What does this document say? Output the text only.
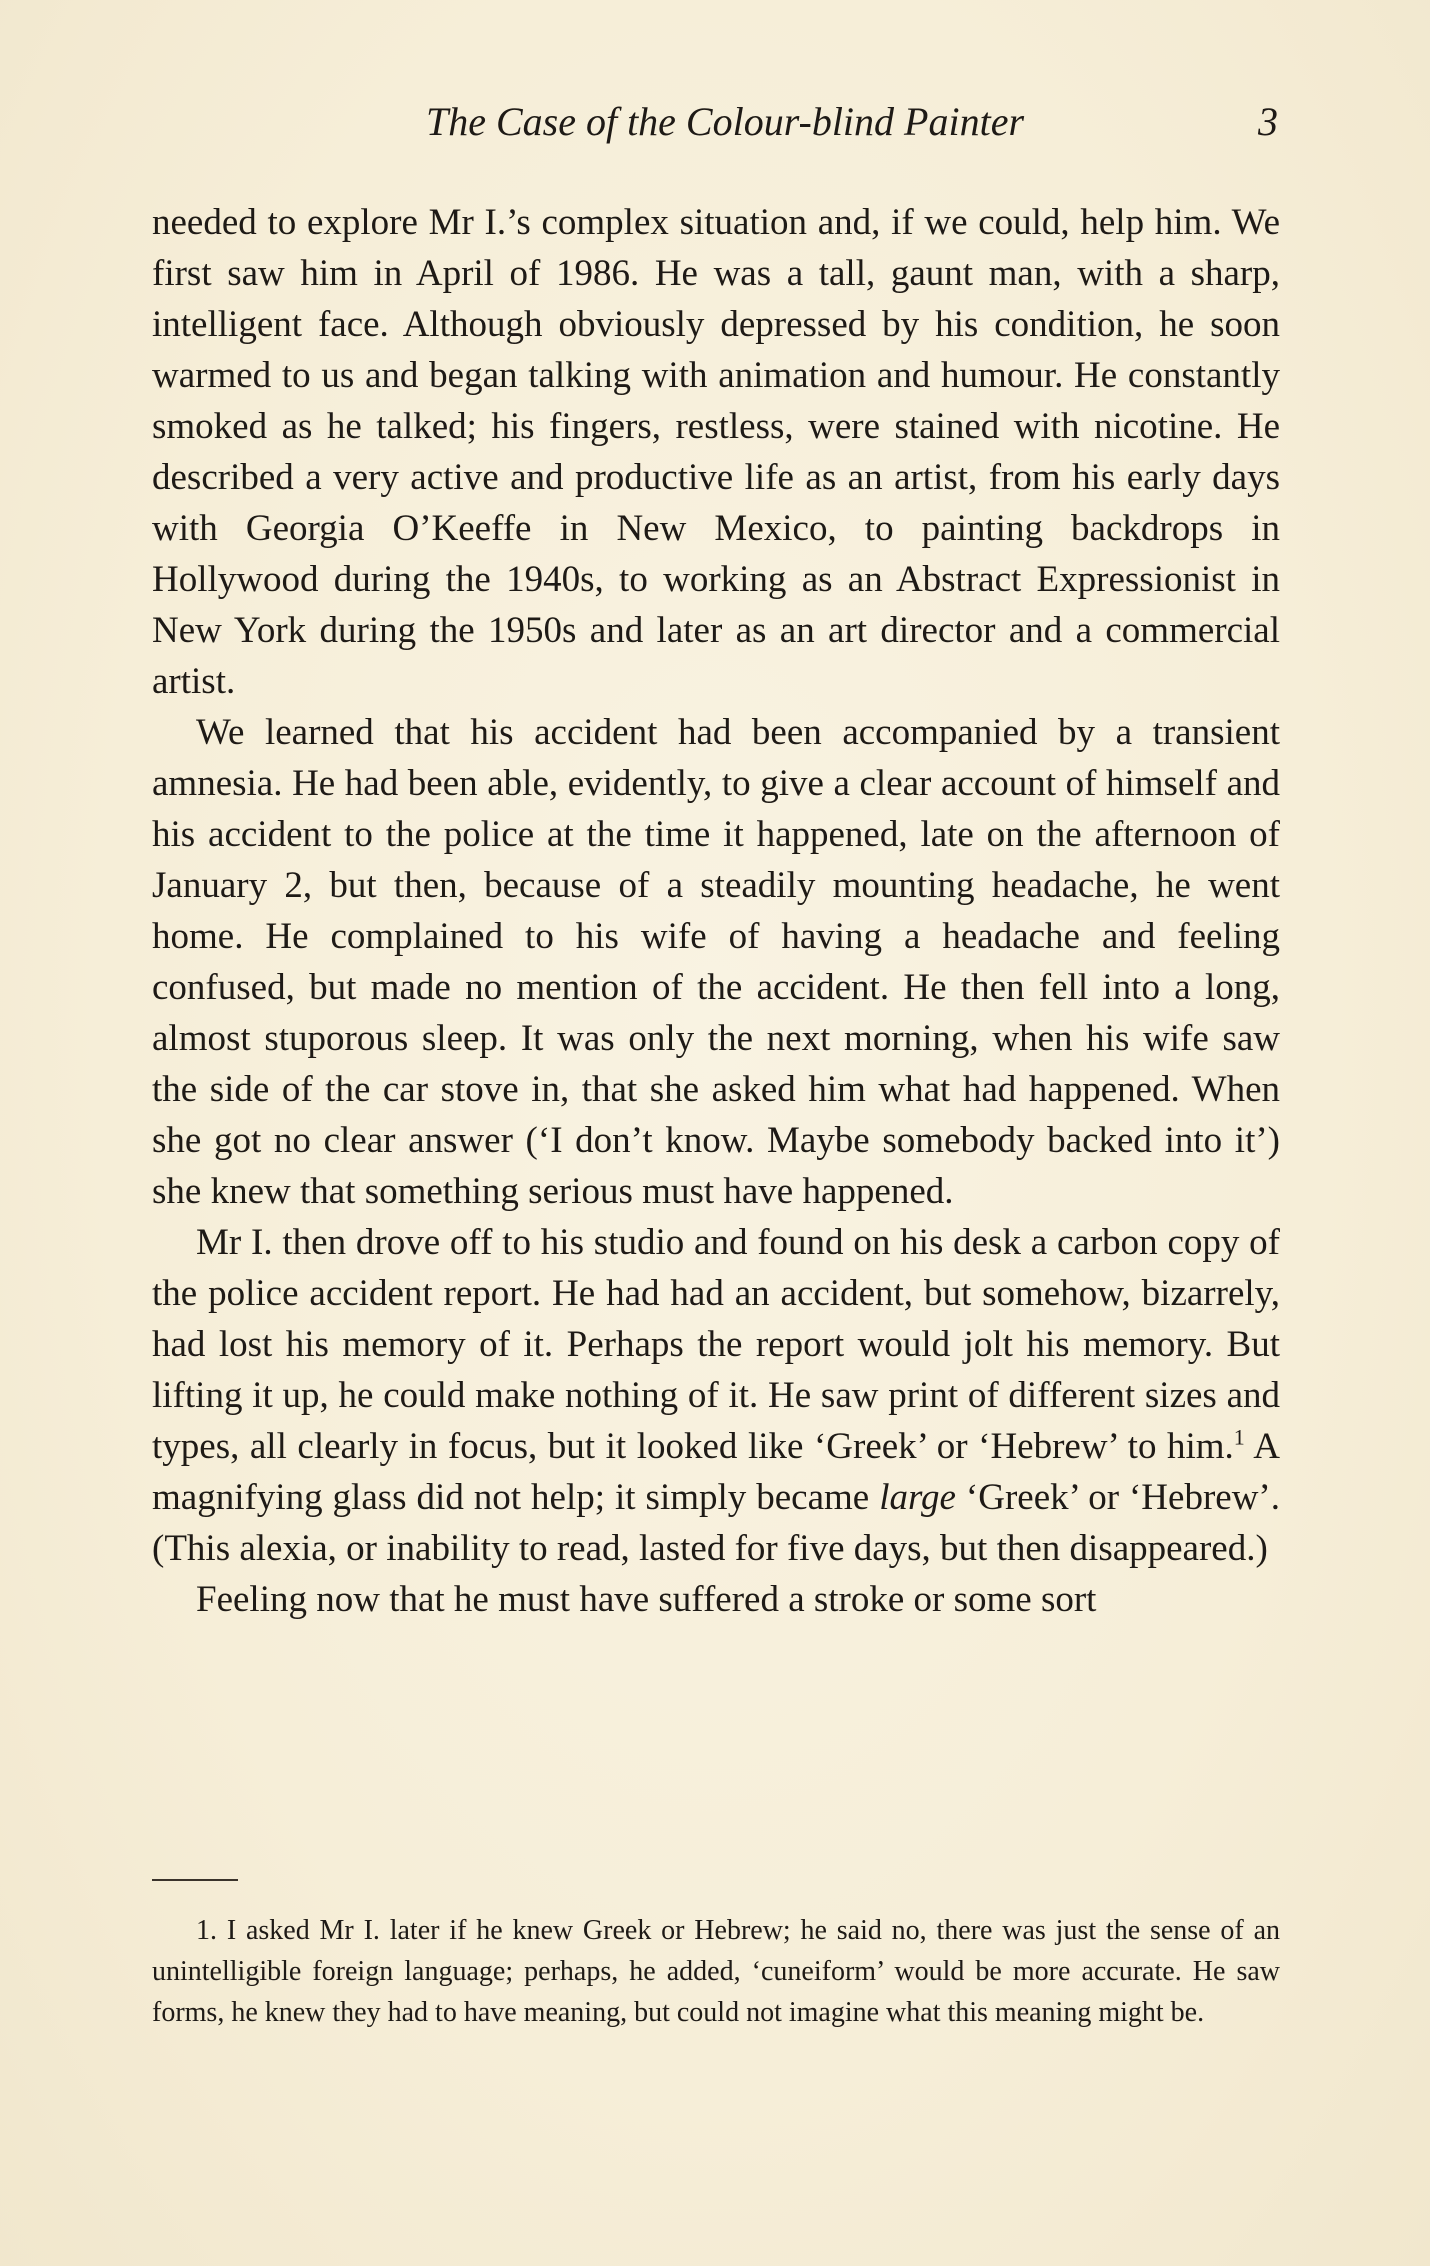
The Case of the Colour-blind Painter	3

needed to explore Mr I.’s complex situation and, if we could, help him. We first saw him in April of 1986. He was a tall, gaunt man, with a sharp, intelligent face. Although obviously depressed by his condition, he soon warmed to us and began talking with animation and humour. He constantly smoked as he talked; his fingers, restless, were stained with nicotine. He described a very active and productive life as an artist, from his early days with Georgia O’Keeffe in New Mexico, to painting backdrops in Hollywood during the 1940s, to working as an Abstract Expressionist in New York during the 1950s and later as an art director and a commercial artist.

We learned that his accident had been accompanied by a transient amnesia. He had been able, evidently, to give a clear account of himself and his accident to the police at the time it happened, late on the afternoon of January 2, but then, because of a steadily mounting headache, he went home. He complained to his wife of having a headache and feeling confused, but made no mention of the accident. He then fell into a long, almost stuporous sleep. It was only the next morning, when his wife saw the side of the car stove in, that she asked him what had happened. When she got no clear answer (‘I don’t know. Maybe somebody backed into it’) she knew that something serious must have happened.

Mr I. then drove off to his studio and found on his desk a carbon copy of the police accident report. He had had an accident, but somehow, bizarrely, had lost his memory of it. Perhaps the report would jolt his memory. But lifting it up, he could make nothing of it. He saw print of different sizes and types, all clearly in focus, but it looked like ‘Greek’ or ‘Hebrew’ to him.$^1$ A magnifying glass did not help; it simply became large ‘Greek’ or ‘Hebrew’. (This alexia, or inability to read, lasted for five days, but then disappeared.)

Feeling now that he must have suffered a stroke or some sort

1. I asked Mr I. later if he knew Greek or Hebrew; he said no, there was just the sense of an unintelligible foreign language; perhaps, he added, ‘cuneiform’ would be more accurate. He saw forms, he knew they had to have meaning, but could not imagine what this meaning might be.
